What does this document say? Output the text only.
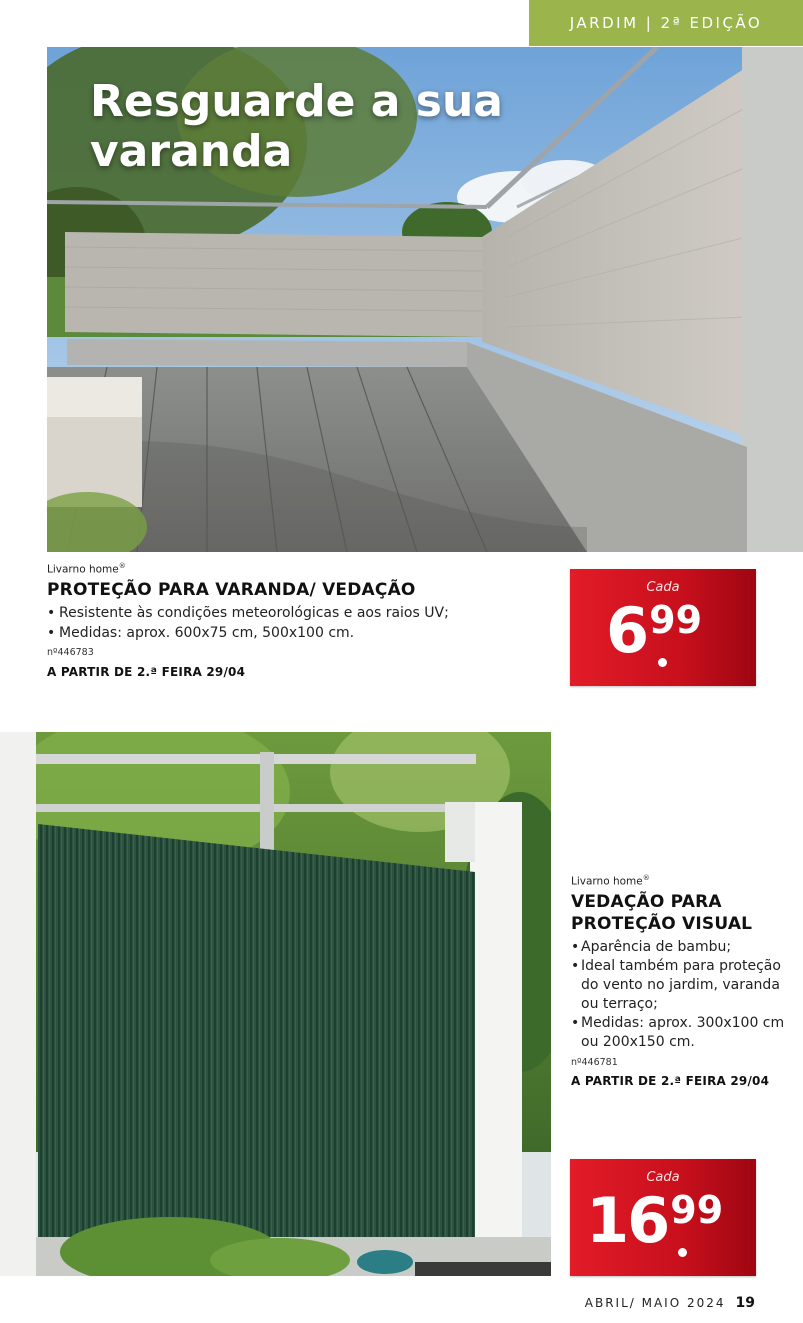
JARDIM | 2ª EDIÇÃO
Resguarde a sua varanda
Livarno home®
PROTEÇÃO PARA VARANDA/ VEDAÇÃO
• Resistente às condições meteorológicas e aos raios UV;
• Medidas: aprox. 600x75 cm, 500x100 cm.
nº446783
A PARTIR DE 2.ª FEIRA 29/04
Cada
6 99
Livarno home®
VEDAÇÃO PARA
PROTEÇÃO VISUAL
• Aparência de bambu;
• Ideal também para proteção do vento no jardim, varanda ou terraço;
• Medidas: aprox. 300x100 cm ou 200x150 cm.
nº446781
A PARTIR DE 2.ª FEIRA 29/04
Cada
16 99
ABRIL/ MAIO 2024 19
